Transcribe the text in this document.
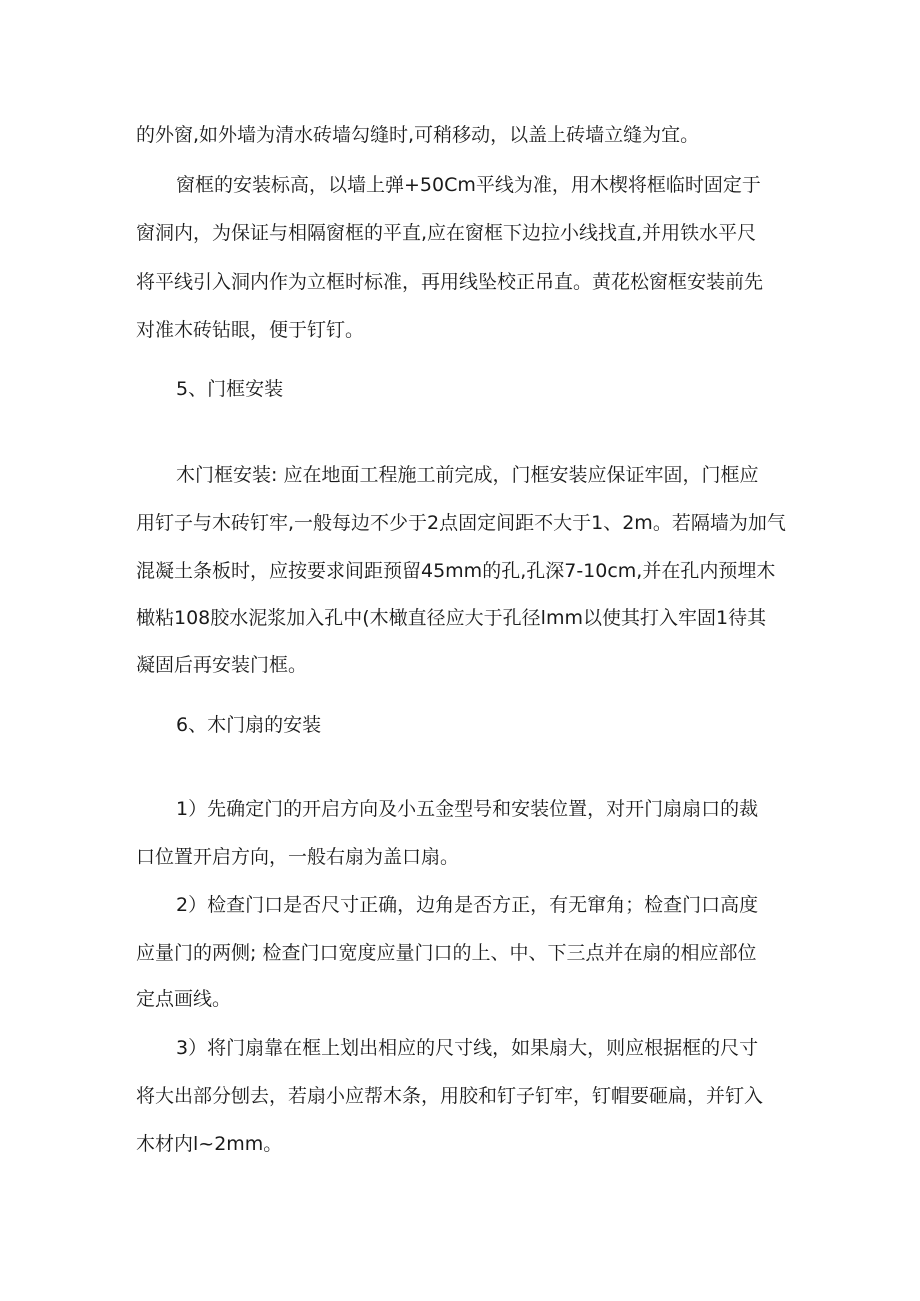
的外窗,如外墙为清水砖墙勾缝时,可稍移动，以盖上砖墙立缝为宜。
窗框的安装标高，以墙上弹+50Cm平线为准，用木楔将框临时固定于
窗洞内，为保证与相隔窗框的平直,应在窗框下边拉小线找直,并用铁水平尺
将平线引入洞内作为立框时标准，再用线坠校正吊直。黄花松窗框安装前先
对准木砖钻眼，便于钉钉。
5、门框安装
木门框安装: 应在地面工程施工前完成，门框安装应保证牢固，门框应
用钉子与木砖钉牢,一般每边不少于2点固定间距不大于1、2m。若隔墙为加气
混凝土条板时，应按要求间距预留45mm的孔,孔深7-10cm,并在孔内预埋木
橄粘108胶水泥浆加入孔中(木橄直径应大于孔径lmm以使其打入牢固1待其
凝固后再安装门框。
6、木门扇的安装
1）先确定门的开启方向及小五金型号和安装位置，对开门扇扇口的裁
口位置开启方向，一般右扇为盖口扇。
2）检查门口是否尺寸正确，边角是否方正，有无窜角；检查门口高度
应量门的两侧; 检查门口宽度应量门口的上、中、下三点并在扇的相应部位
定点画线。
3）将门扇靠在框上划出相应的尺寸线，如果扇大，则应根据框的尺寸
将大出部分刨去，若扇小应帮木条，用胶和钉子钉牢，钉帽要砸扁，并钉入
木材内l~2mm。
